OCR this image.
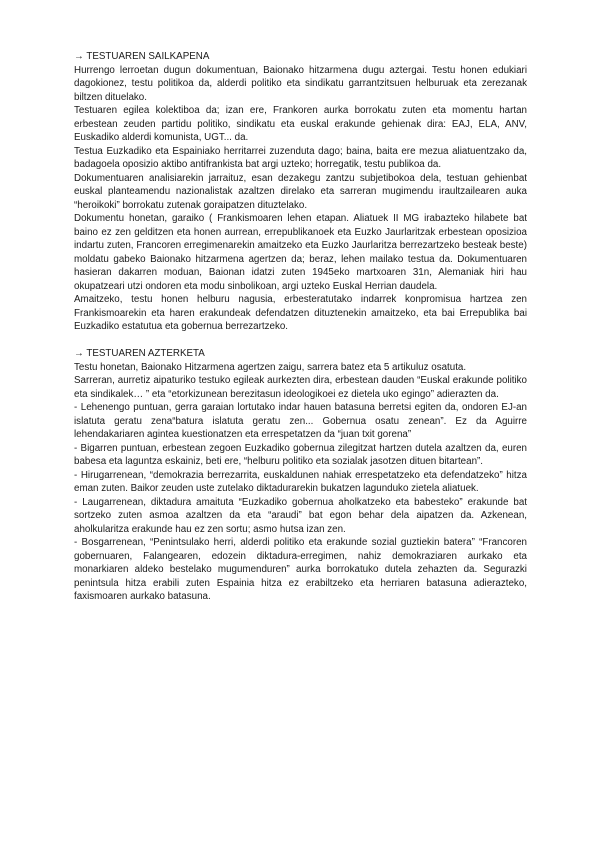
→ TESTUAREN SAILKAPENA

Hurrengo lerroetan dugun dokumentuan, Baionako hitzarmena dugu aztergai. Testu honen edukiari dagokionez, testu politikoa da, alderdi politiko eta sindikatu garrantzitsuen helburuak eta zerezanak biltzen dituelako.

Testuaren egilea kolektiboa da; izan ere, Frankoren aurka borrokatu zuten eta momentu hartan erbestean zeuden partidu politiko, sindikatu eta euskal erakunde gehienak dira: EAJ, ELA, ANV, Euskadiko alderdi komunista, UGT... da.

Testua Euzkadiko eta Espainiako herritarrei zuzenduta dago; baina, baita ere mezua aliatuentzako da, badagoela oposizio aktibo antifrankista bat argi uzteko; horregatik, testu publikoa da.

Dokumentuaren analisiarekin jarraituz, esan dezakegu zantzu subjetibokoa dela, testuan gehienbat euskal planteamendu nazionalistak azaltzen direlako eta sarreran mugimendu iraultzailearen auka “heroikoki” borrokatu zutenak goraipatzen dituztelako.

Dokumentu honetan, garaiko ( Frankismoaren lehen etapan. Aliatuek II MG irabazteko hilabete bat baino ez zen gelditzen eta honen aurrean, errepublikanoek eta Euzko Jaurlaritzak erbestean oposizioa indartu zuten, Francoren erregimenarekin amaitzeko eta Euzko Jaurlaritza berrezartzeko besteak beste) moldatu gabeko Baionako hitzarmena agertzen da; beraz, lehen mailako testua da. Dokumentuaren hasieran dakarren moduan, Baionan idatzi zuten 1945eko martxoaren 31n, Alemaniak hiri hau okupatzeari utzi ondoren eta modu sinbolikoan, argi uzteko Euskal Herrian daudela.

Amaitzeko, testu honen helburu nagusia, erbesteratutako indarrek konpromisua hartzea zen Frankismoarekin eta haren erakundeak defendatzen dituztenekin amaitzeko, eta bai Errepublika bai Euzkadiko estatutua eta gobernua berrezartzeko.

→ TESTUAREN AZTERKETA

Testu honetan, Baionako Hitzarmena agertzen zaigu, sarrera batez eta 5 artikuluz osatuta.

Sarreran, aurretiz aipaturiko testuko egileak aurkezten dira, erbestean dauden “Euskal erakunde politiko eta sindikalek… ” eta “etorkizunean berezitasun ideologikoei ez dietela uko egingo” adierazten da.

- Lehenengo puntuan, gerra garaian lortutako indar hauen batasuna berretsi egiten da, ondoren EJ-an islatuta geratu zena“batura islatuta geratu zen... Gobernua osatu zenean”. Ez da Aguirre lehendakariaren agintea kuestionatzen eta errespetatzen da “juan txit gorena”

- Bigarren puntuan, erbestean zegoen Euzkadiko gobernua zilegitzat hartzen dutela azaltzen da, euren babesa eta laguntza eskainiz, beti ere, “helburu politiko eta sozialak jasotzen dituen bitartean”.

- Hirugarrenean, “demokrazia berrezarrita, euskaldunen nahiak errespetatzeko eta defendatzeko” hitza eman zuten. Baikor zeuden uste zutelako diktadurarekin bukatzen lagunduko zietela aliatuek.

- Laugarrenean, diktadura amaituta “Euzkadiko gobernua aholkatzeko eta babesteko” erakunde bat sortzeko zuten asmoa azaltzen da eta “araudi” bat egon behar dela aipatzen da. Azkenean, aholkularitza erakunde hau ez zen sortu; asmo hutsa izan zen.

- Bosgarrenean, “Penintsulako herri, alderdi politiko eta erakunde sozial guztiekin batera” “Francoren gobernuaren, Falangearen, edozein diktadura-erregimen, nahiz demokraziaren aurkako eta monarkiaren aldeko bestelako mugumenduren” aurka borrokatuko dutela zehazten da. Segurazki penintsula hitza erabili zuten Espainia hitza ez erabiltzeko eta herriaren batasuna adierazteko, faxismoaren aurkako batasuna.
